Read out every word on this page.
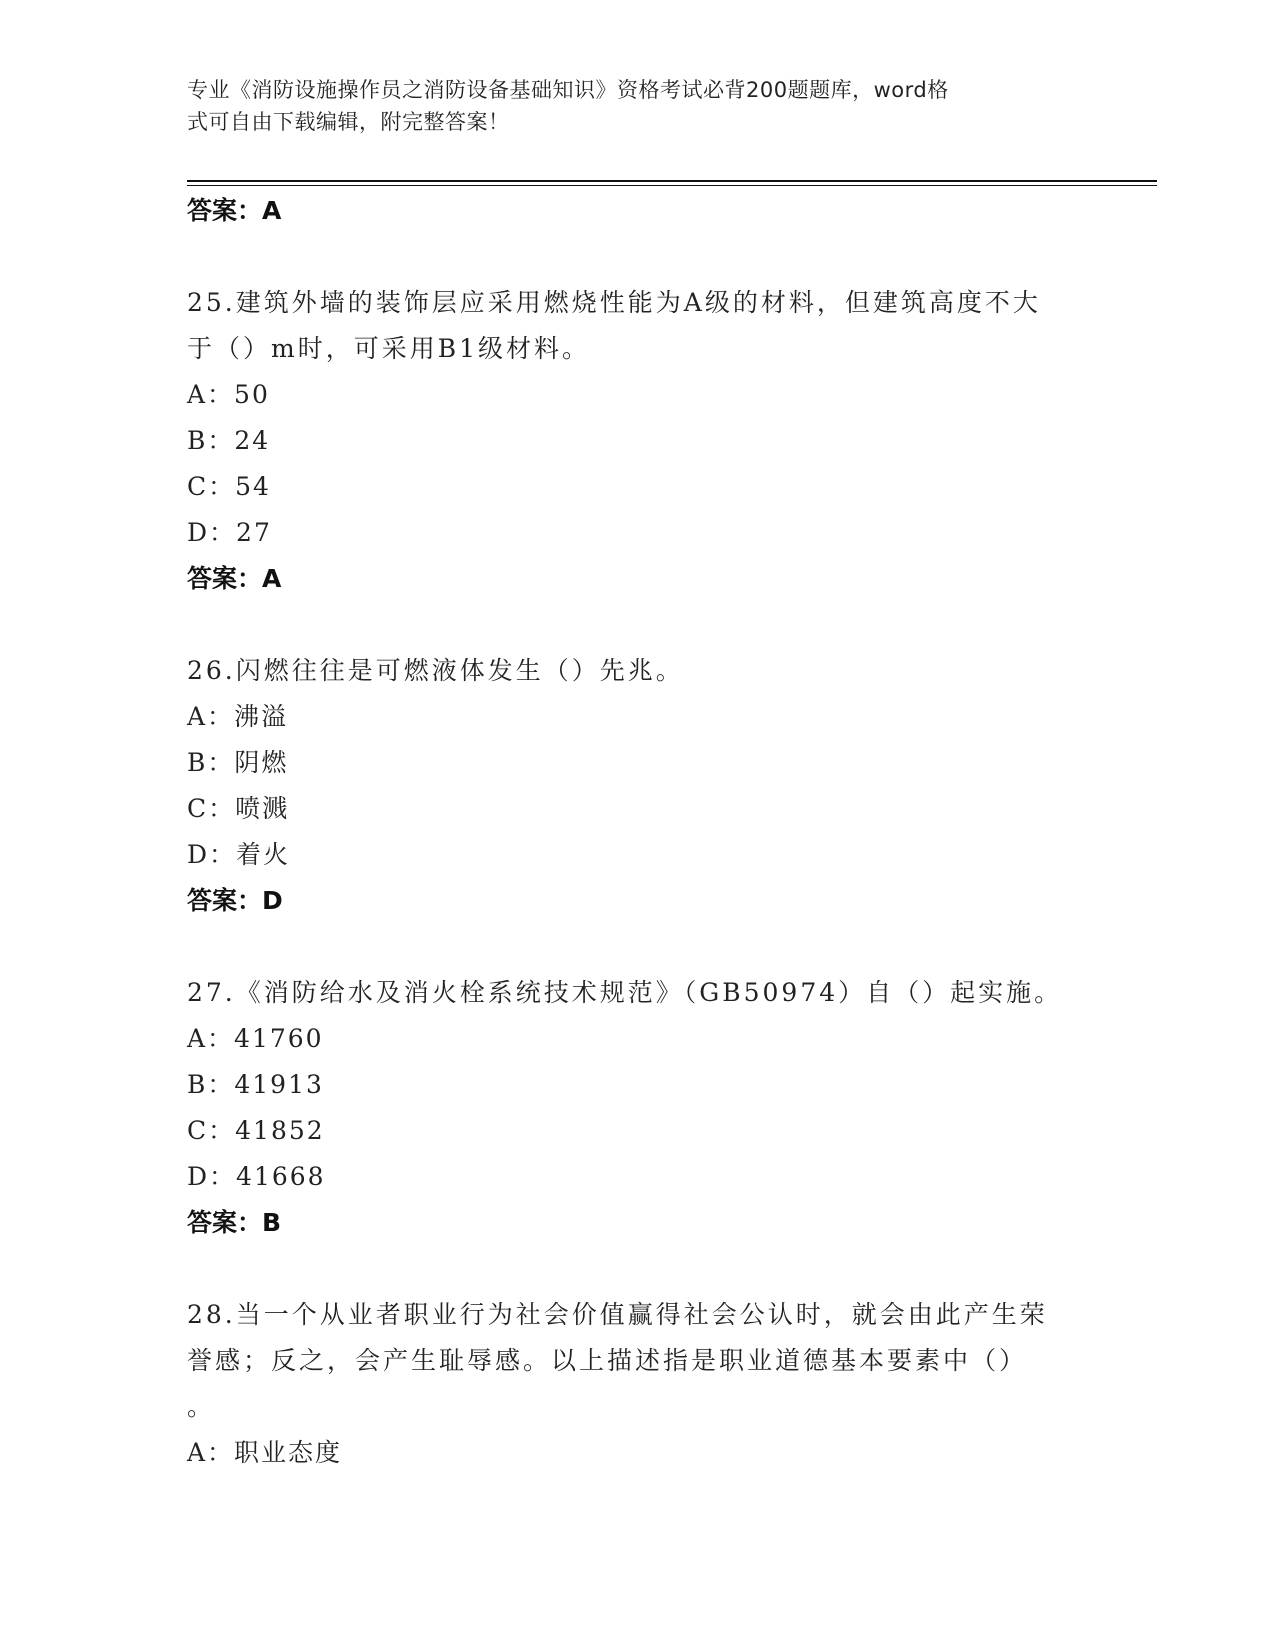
专业《消防设施操作员之消防设备基础知识》资格考试必背200题题库，word格
式可自由下载编辑，附完整答案！

答案：A

25.建筑外墙的装饰层应采用燃烧性能为A级的材料，但建筑高度不大

于（）m时，可采用B1级材料。

A：50

B：24

C：54

D：27

答案：A

26.闪燃往往是可燃液体发生（）先兆。

A：沸溢

B：阴燃

C：喷溅

D：着火

答案：D

27.《消防给水及消火栓系统技术规范》（GB50974）自（）起实施。

A：41760

B：41913

C：41852

D：41668

答案：B

28.当一个从业者职业行为社会价值赢得社会公认时，就会由此产生荣

誉感；反之，会产生耻辱感。以上描述指是职业道德基本要素中（）

。

A：职业态度
